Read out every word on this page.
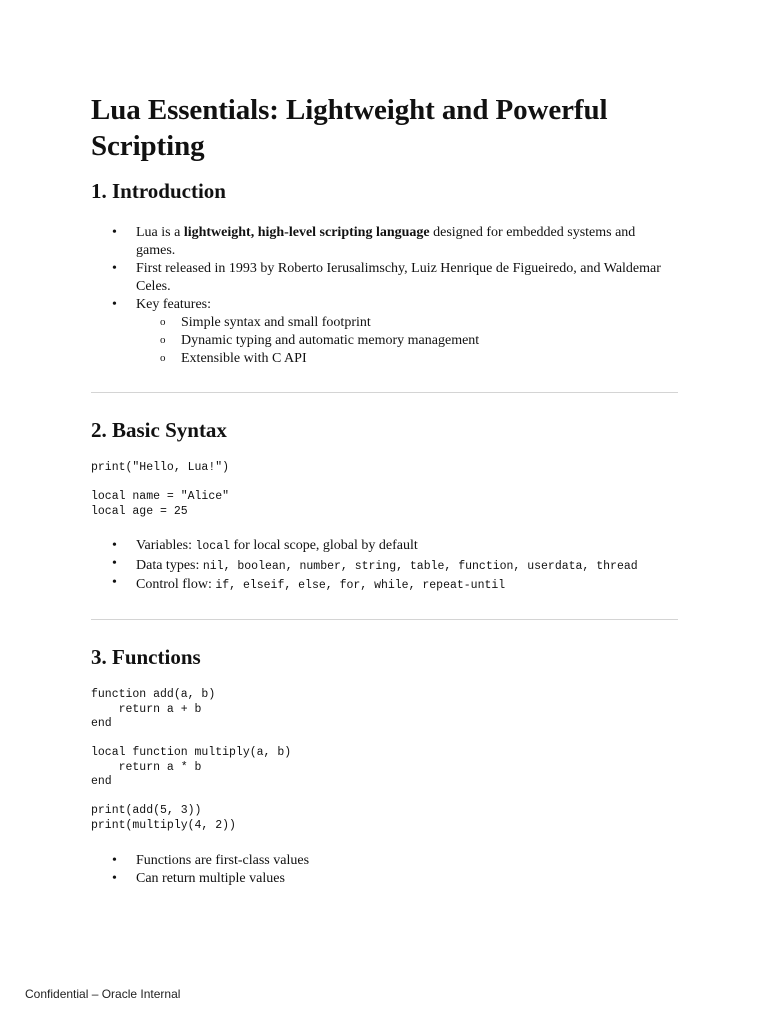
Lua Essentials: Lightweight and Powerful Scripting
1. Introduction
• Lua is a lightweight, high-level scripting language designed for embedded systems and games.
• First released in 1993 by Roberto Ierusalimschy, Luiz Henrique de Figueiredo, and Waldemar Celes.
• Key features:
o Simple syntax and small footprint
o Dynamic typing and automatic memory management
o Extensible with C API
2. Basic Syntax
print("Hello, Lua!")

local name = "Alice"
local age = 25
• Variables: local for local scope, global by default
• Data types: nil, boolean, number, string, table, function, userdata, thread
• Control flow: if, elseif, else, for, while, repeat-until
3. Functions
function add(a, b)
return a + b
end

local function multiply(a, b)
return a * b
end

print(add(5, 3))
print(multiply(4, 2))
• Functions are first-class values
• Can return multiple values
Confidential – Oracle Internal
